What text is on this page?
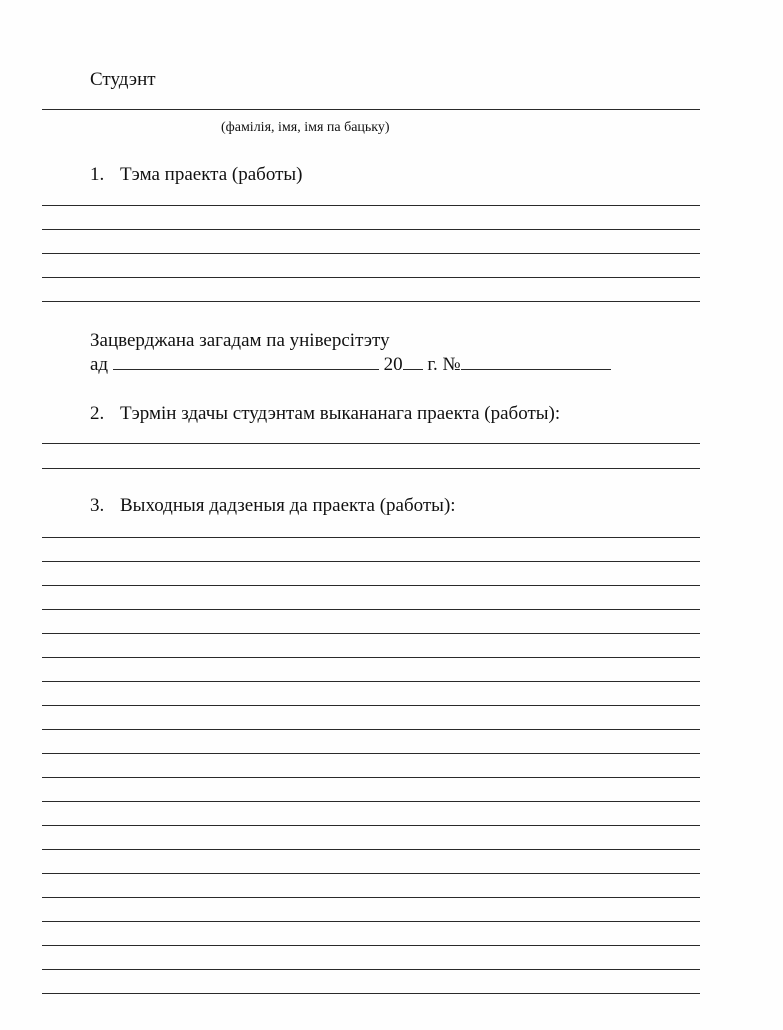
Студэнт
(фамілія, імя, імя па бацьку)
1. Тэма праекта (работы)
Зацверджана загадам па універсітэту
ад	20 г. №
2. Тэрмін здачы студэнтам выкананага праекта (работы):
3. Выходныя дадзеныя да праекта (работы):
